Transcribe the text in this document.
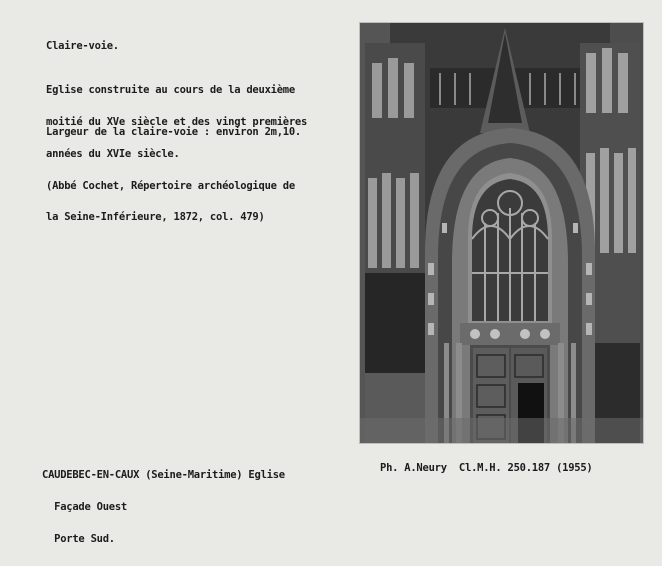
Claire-voie.

Eglise construite au cours de la deuxième

moitié du XVe siècle et des vingt premières

années du XVIe siècle.

(Abbé Cochet, Répertoire archéologique de

la Seine-Inférieure, 1872, col. 479)

Largeur de la claire-voie : environ 2m,10.

CAUDEBEC-EN-CAUX (Seine-Maritime) Eglise

Façade Ouest

Porte Sud.

Ph. A.Neury  Cl.M.H. 250.187 (1955)
